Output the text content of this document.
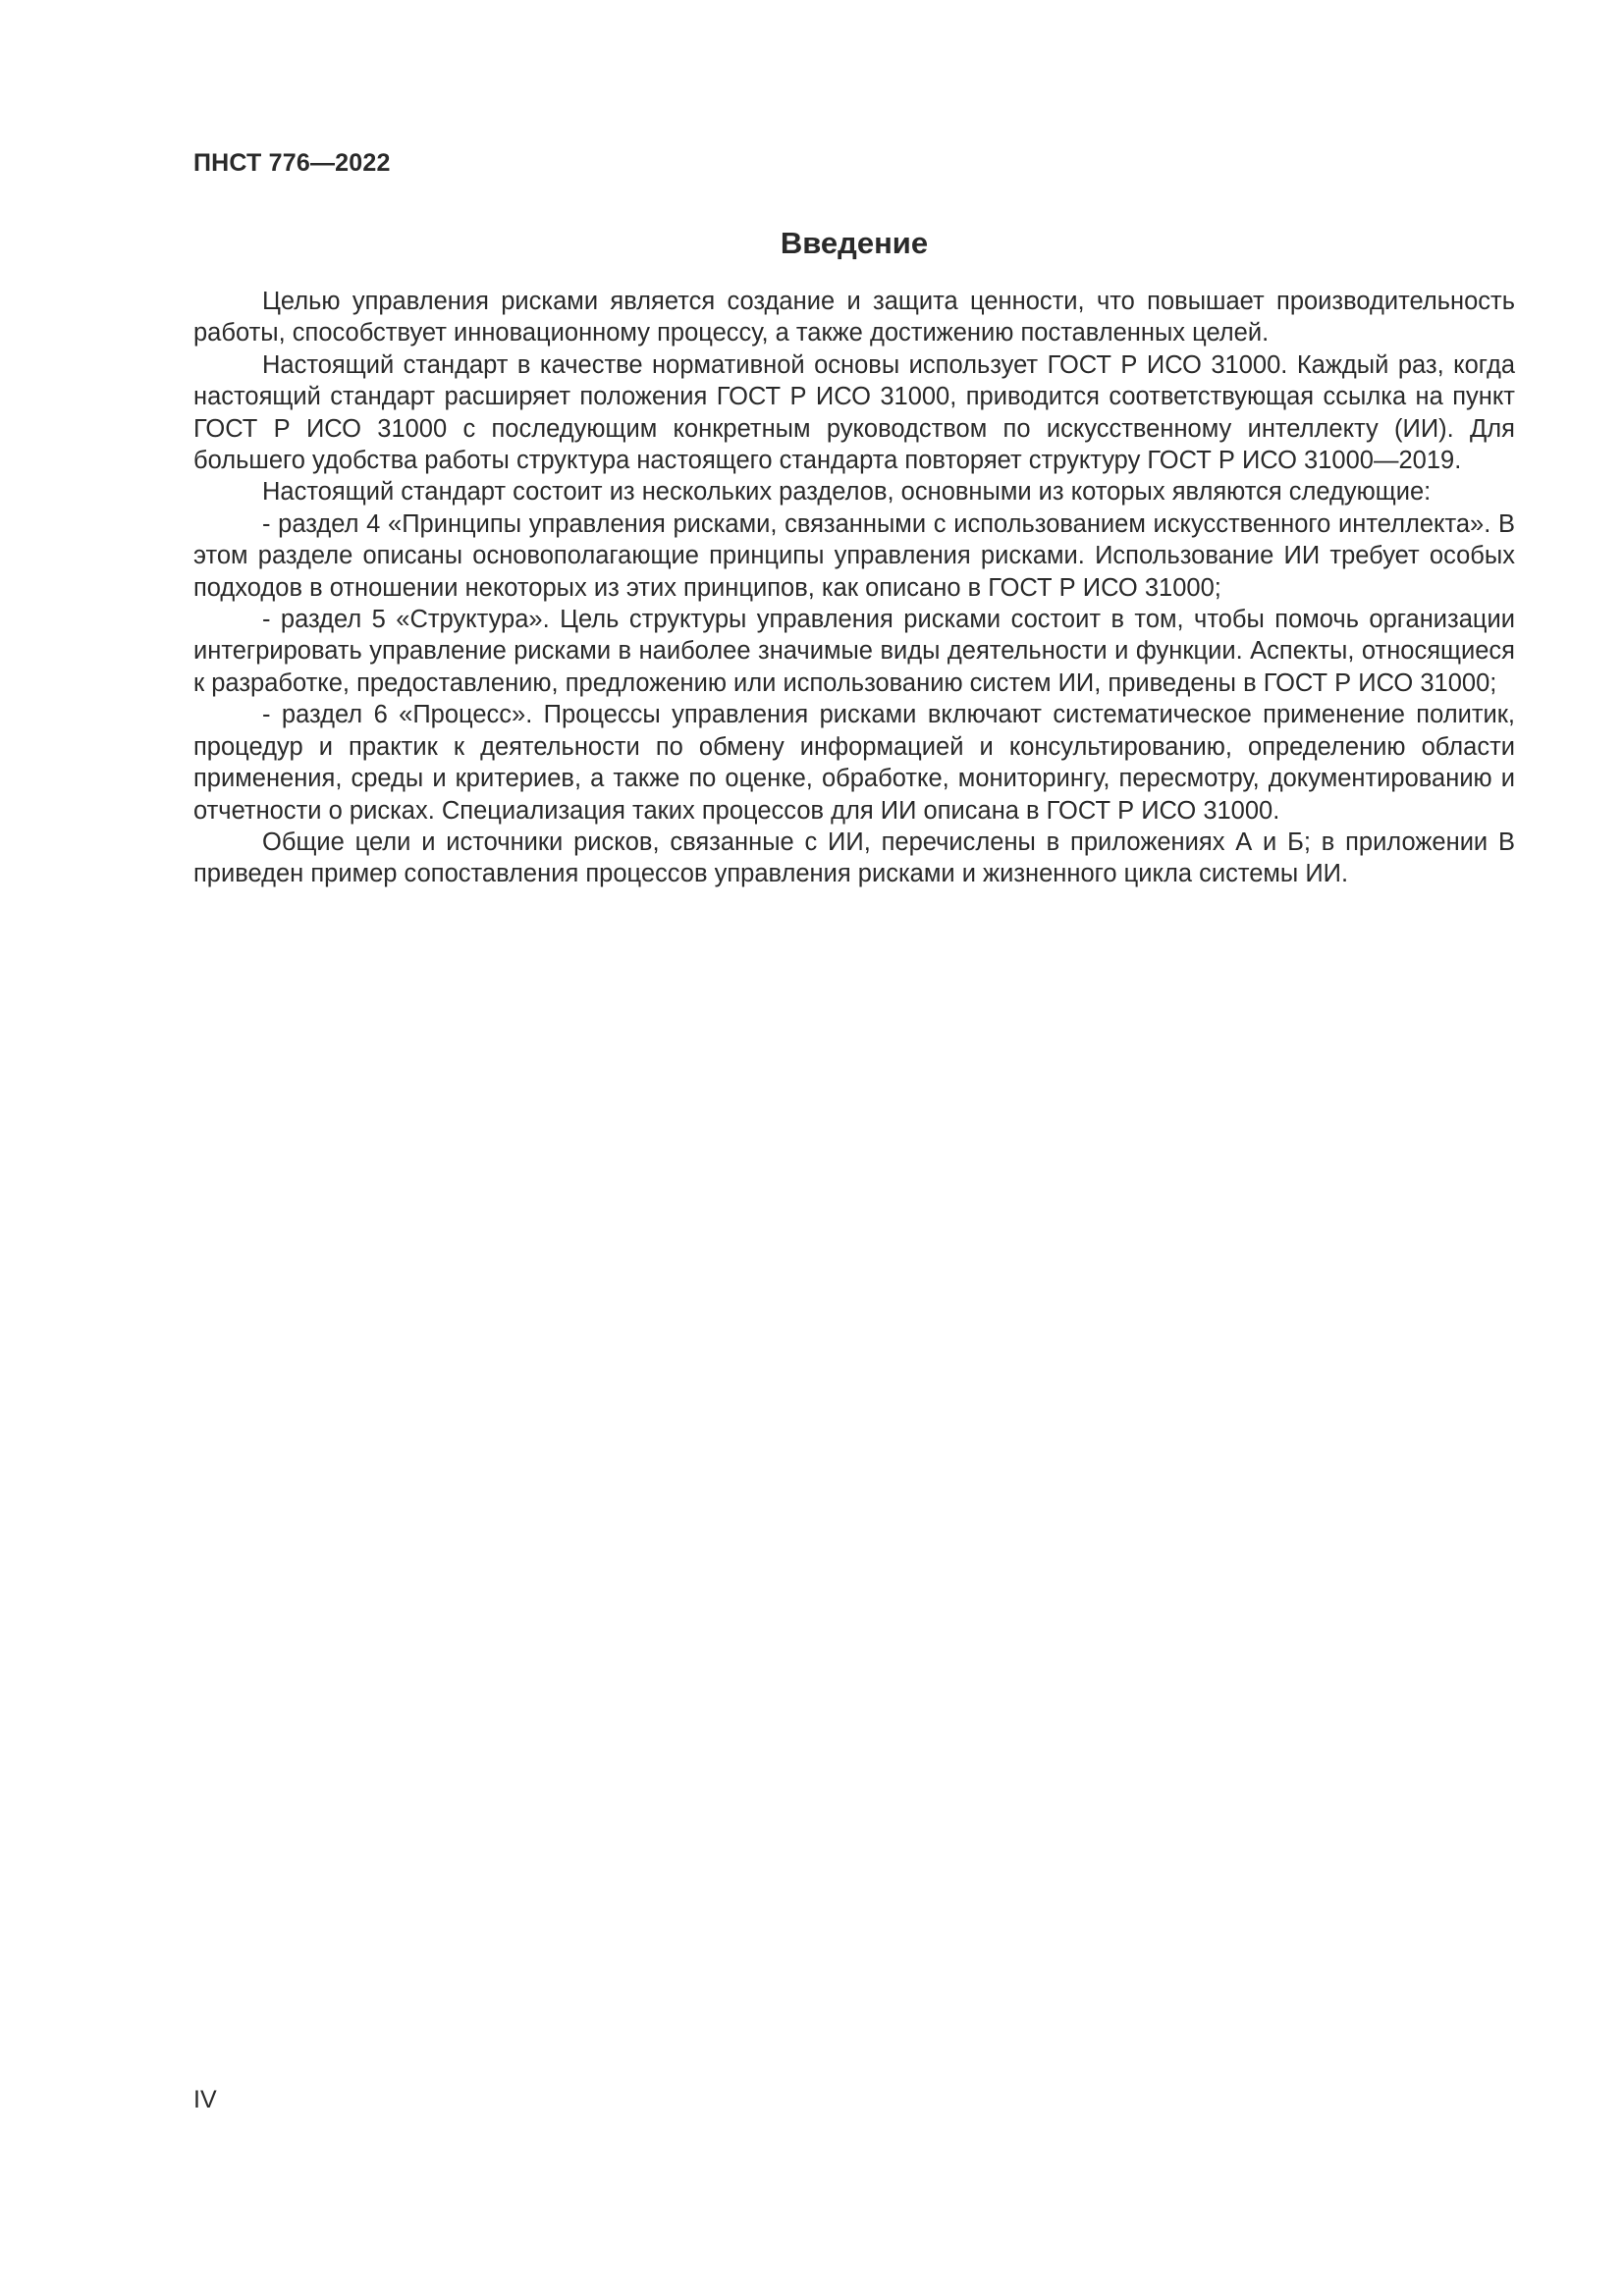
ПНСТ 776—2022
Введение

Целью управления рисками является создание и защита ценности, что повышает производительность работы, способствует инновационному процессу, а также достижению поставленных целей.

Настоящий стандарт в качестве нормативной основы использует ГОСТ Р ИСО 31000. Каждый раз, когда настоящий стандарт расширяет положения ГОСТ Р ИСО 31000, приводится соответствующая ссылка на пункт ГОСТ Р ИСО 31000 с последующим конкретным руководством по искусственному интеллекту (ИИ). Для большего удобства работы структура настоящего стандарта повторяет структуру ГОСТ Р ИСО 31000—2019.

Настоящий стандарт состоит из нескольких разделов, основными из которых являются следующие:

- раздел 4 «Принципы управления рисками, связанными с использованием искусственного интеллекта». В этом разделе описаны основополагающие принципы управления рисками. Использование ИИ требует особых подходов в отношении некоторых из этих принципов, как описано в ГОСТ Р ИСО 31000;

- раздел 5 «Структура». Цель структуры управления рисками состоит в том, чтобы помочь организации интегрировать управление рисками в наиболее значимые виды деятельности и функции. Аспекты, относящиеся к разработке, предоставлению, предложению или использованию систем ИИ, приведены в ГОСТ Р ИСО 31000;

- раздел 6 «Процесс». Процессы управления рисками включают систематическое применение политик, процедур и практик к деятельности по обмену информацией и консультированию, определению области применения, среды и критериев, а также по оценке, обработке, мониторингу, пересмотру, документированию и отчетности о рисках. Специализация таких процессов для ИИ описана в ГОСТ Р ИСО 31000.

Общие цели и источники рисков, связанные с ИИ, перечислены в приложениях А и Б; в приложении В приведен пример сопоставления процессов управления рисками и жизненного цикла системы ИИ.

IV
